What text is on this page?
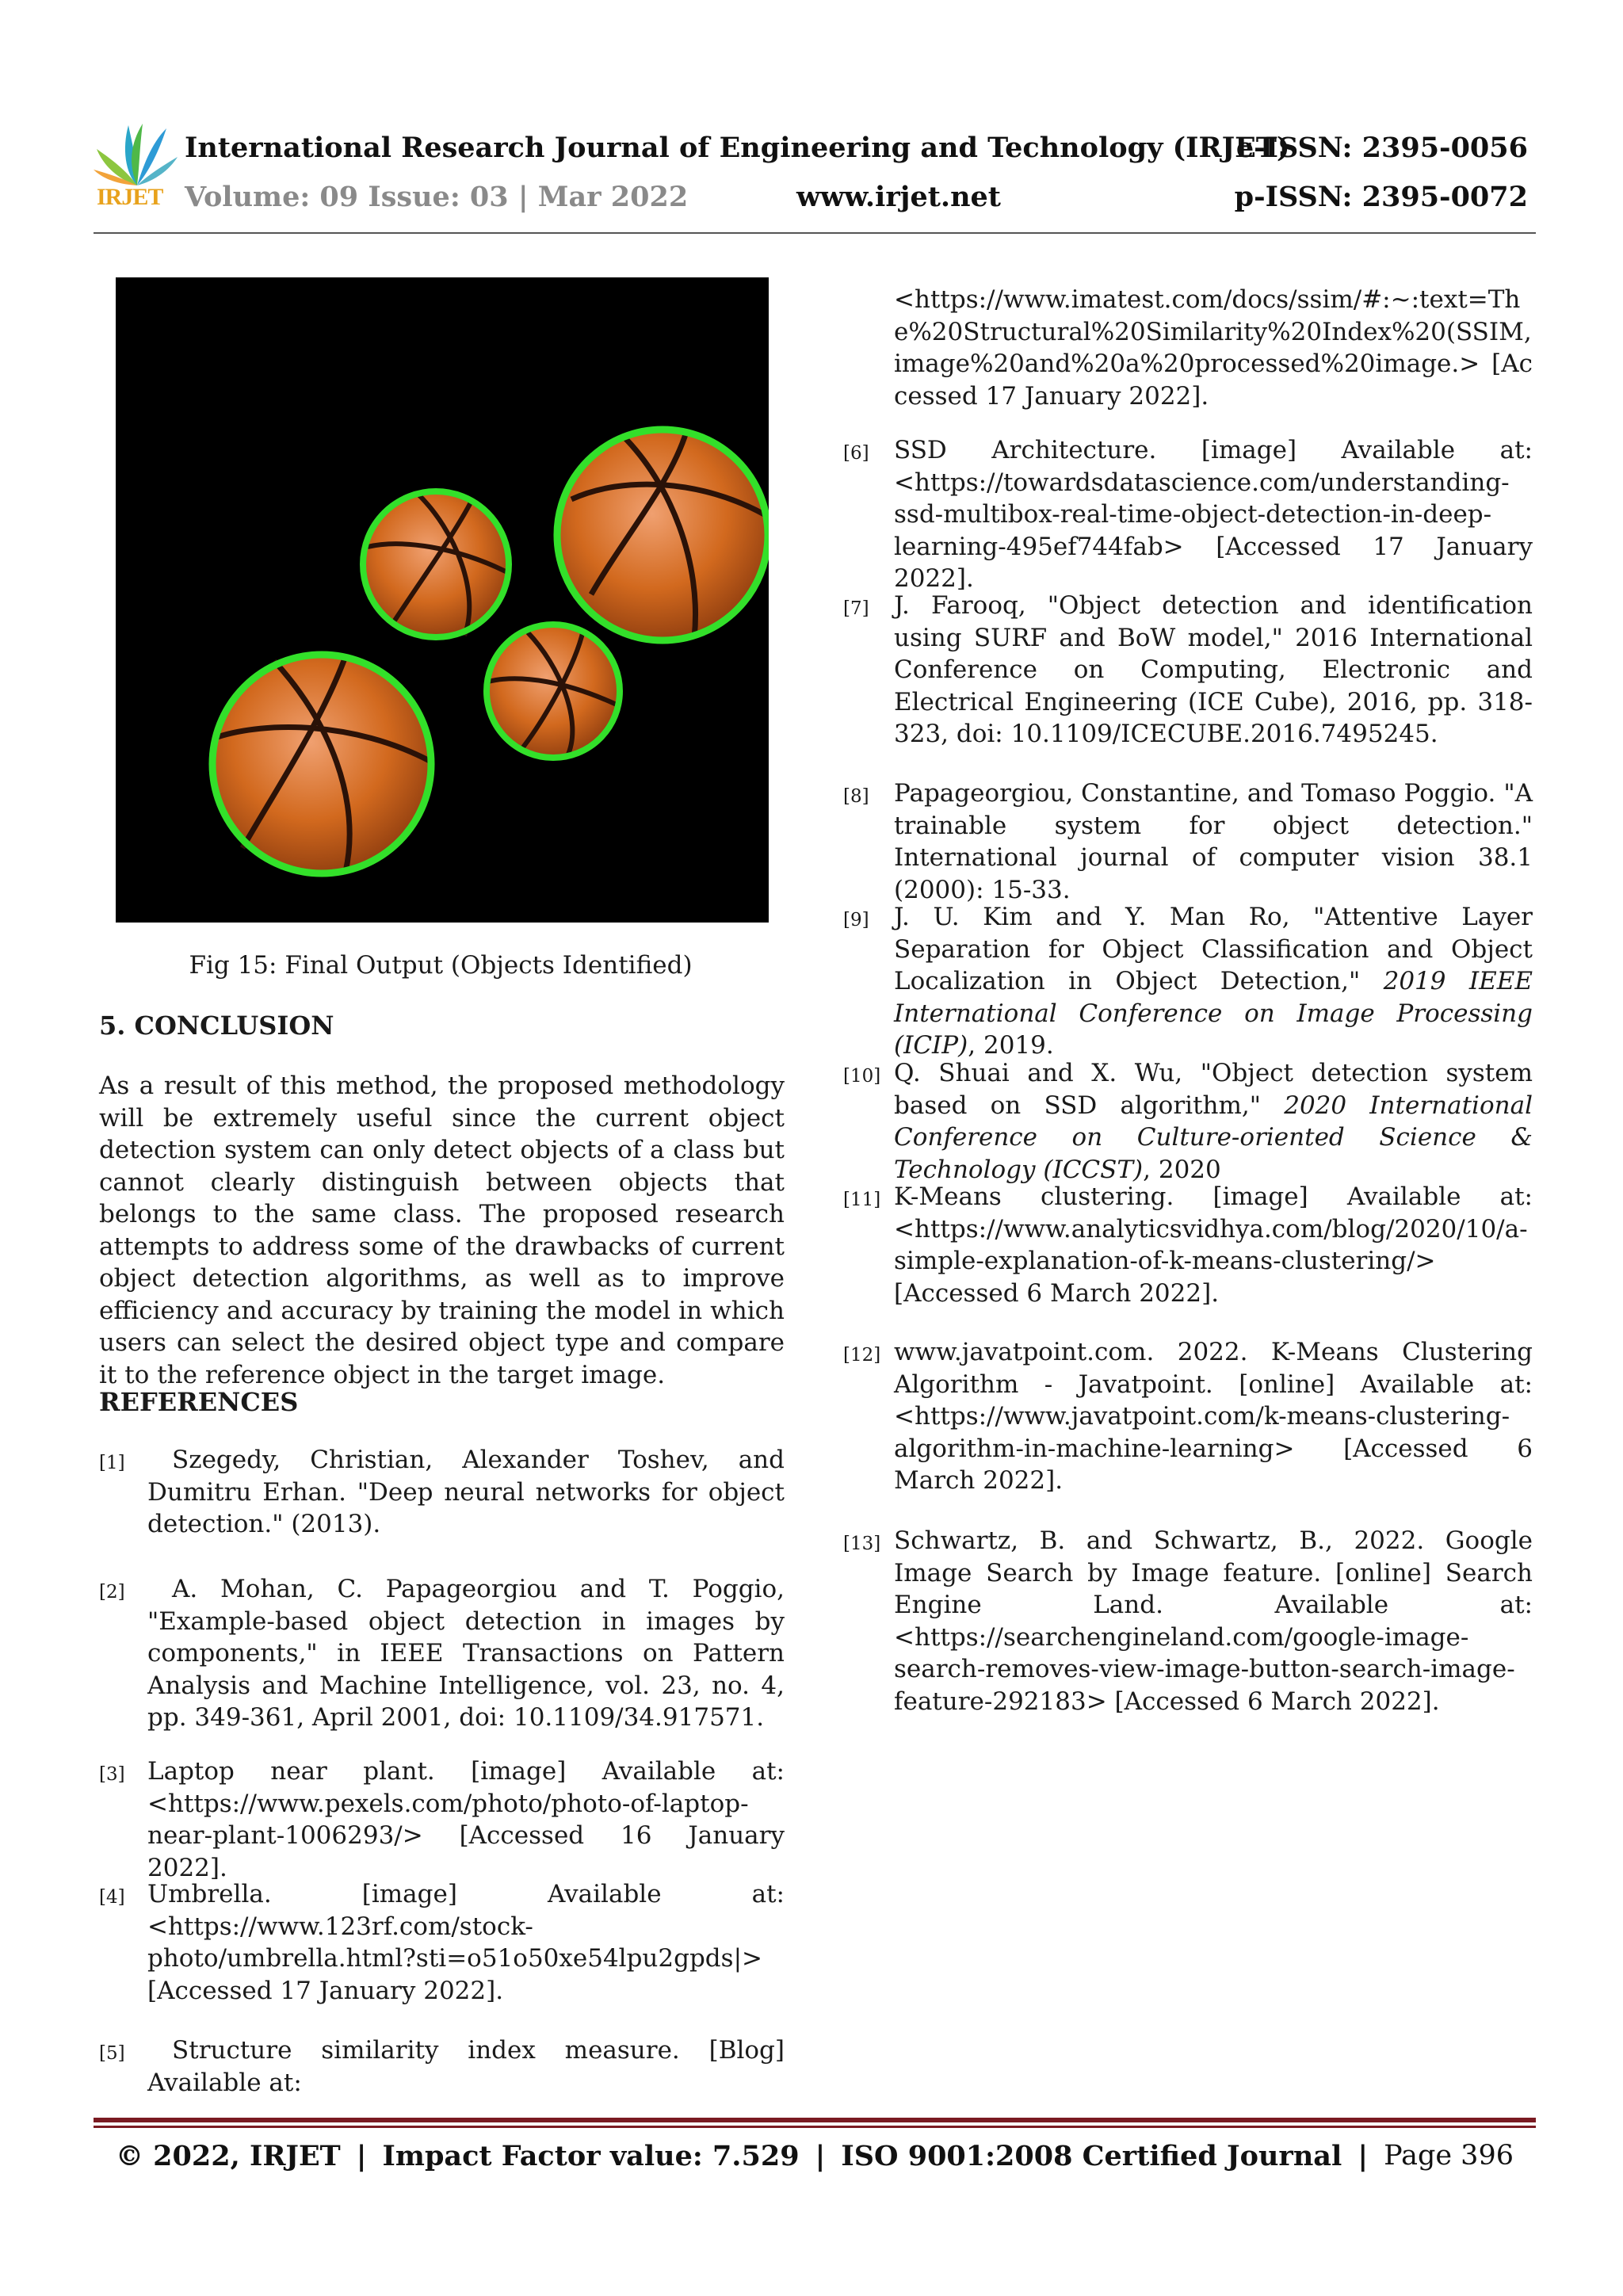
IRJET
International Research Journal of Engineering and Technology (IRJET)
e-ISSN: 2395-0056
Volume: 09 Issue: 03 | Mar 2022	www.irjet.net	p-ISSN: 2395-0072
Fig 15: Final Output (Objects Identified)
5. CONCLUSION
As a result of this method, the proposed methodology will be extremely useful since the current object detection system can only detect objects of a class but cannot clearly distinguish between objects that belongs to the same class. The proposed research attempts to address some of the drawbacks of current object detection algorithms, as well as to improve efficiency and accuracy by training the model in which users can select the desired object type and compare it to the reference object in the target image.
REFERENCES
[1] Szegedy, Christian, Alexander Toshev, and Dumitru Erhan. "Deep neural networks for object detection." (2013).
[2] A. Mohan, C. Papageorgiou and T. Poggio, "Example-based object detection in images by components," in IEEE Transactions on Pattern Analysis and Machine Intelligence, vol. 23, no. 4, pp. 349-361, April 2001, doi: 10.1109/34.917571.
[3] Laptop near plant. [image] Available at: <https://www.pexels.com/photo/photo-of-laptop-near-plant-1006293/> [Accessed 16 January 2022].
[4] Umbrella. [image] Available at: <https://www.123rf.com/stock-photo/umbrella.html?sti=o51o50xe54lpu2gpds|> [Accessed 17 January 2022].
[5] Structure similarity index measure. [Blog] Available at:
<https://www.imatest.com/docs/ssim/#:~:text=The%20Structural%20Similarity%20Index%20(SSIM,image%20and%20a%20processed%20image.> [Accessed 17 January 2022].
[6] SSD Architecture. [image] Available at: <https://towardsdatascience.com/understanding-ssd-multibox-real-time-object-detection-in-deep-learning-495ef744fab> [Accessed 17 January 2022].
[7] J. Farooq, "Object detection and identification using SURF and BoW model," 2016 International Conference on Computing, Electronic and Electrical Engineering (ICE Cube), 2016, pp. 318-323, doi: 10.1109/ICECUBE.2016.7495245.
[8] Papageorgiou, Constantine, and Tomaso Poggio. "A trainable system for object detection." International journal of computer vision 38.1 (2000): 15-33.
[9] J. U. Kim and Y. Man Ro, "Attentive Layer Separation for Object Classification and Object Localization in Object Detection," 2019 IEEE International Conference on Image Processing (ICIP), 2019.
[10] Q. Shuai and X. Wu, "Object detection system based on SSD algorithm," 2020 International Conference on Culture-oriented Science & Technology (ICCST), 2020
[11] K-Means clustering. [image] Available at: <https://www.analyticsvidhya.com/blog/2020/10/a-simple-explanation-of-k-means-clustering/> [Accessed 6 March 2022].
[12] www.javatpoint.com. 2022. K-Means Clustering Algorithm - Javatpoint. [online] Available at: <https://www.javatpoint.com/k-means-clustering-algorithm-in-machine-learning> [Accessed 6 March 2022].
[13] Schwartz, B. and Schwartz, B., 2022. Google Image Search by Image feature. [online] Search Engine Land. Available at: <https://searchengineland.com/google-image-search-removes-view-image-button-search-image-feature-292183> [Accessed 6 March 2022].
© 2022, IRJET | Impact Factor value: 7.529 | ISO 9001:2008 Certified Journal | Page 396
